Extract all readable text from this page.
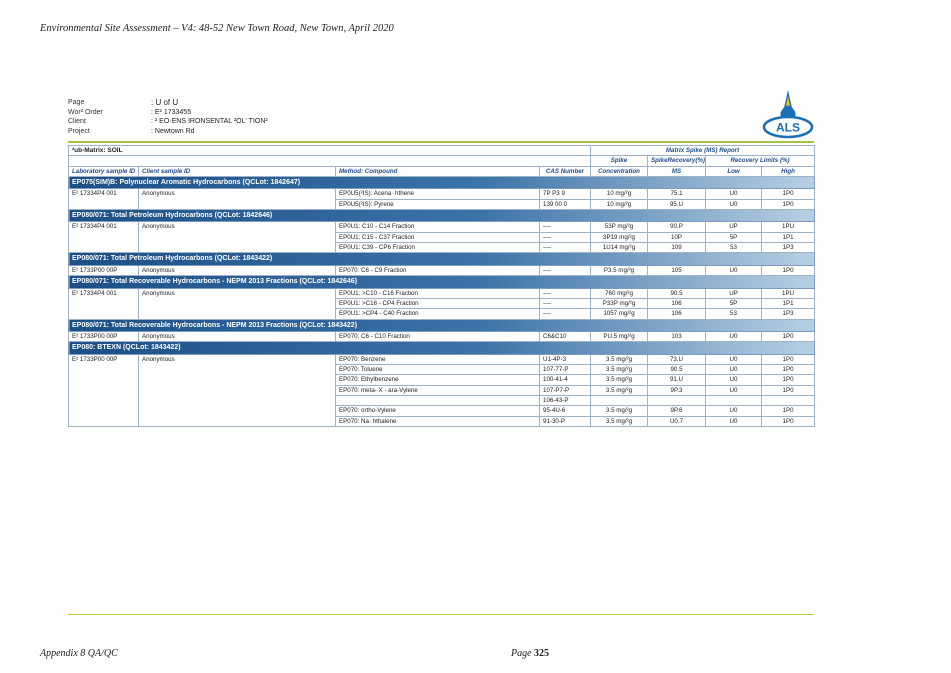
Environmental Site Assessment – V4: 48-52 New Town Road, New Town, April 2020
Page	: U of U
Wor² Order	: E² 1733455
Client	: ² EO·ENS IRONSENTAL ²OL' TION²
Project	: Newtown Rd	ALS
²ub-Matrix: SOIL				Matrix Spike (MS) Report			
				Spike	SpikeRecovery(%)	Recovery Limits (%)	
Laboratory sample ID	Client sample ID	Method: Compound	CAS Number	Concentration	MS	Low	High
EP075(SIM)B: Polynuclear Aromatic Hydrocarbons (QCLot: 1842647)							
E² 17334P4 001	Anonymous	EP0U5(²IS): Acena· hthene	7P P3 9	10 mg/²g	75.1	U0	1P0
		EP0U5(²IS): Pyrene	139 00 0	10 mg/²g	95.U	U0	1P0
EP080/071: Total Petroleum Hydrocarbons (QCLot: 1842646)							
E² 17334P4 001	Anonymous	EP0U1: C10 - C14 Fraction	----	53P mg/²g	90.P	UP	1PU
		EP0U1: C15 - C37 Fraction	----	3P19 mg/²g	10P	5P	1P1
		EP0U1: C39 - CP6 Fraction	----	1U14 mg/²g	109	53	1P3
EP080/071: Total Petroleum Hydrocarbons (QCLot: 1843422)							
E² 1733P00 00P	Anonymous	EP070: C6 - C9 Fraction	----	P3.5 mg/²g	105	U0	1P0
EP080/071: Total Recoverable Hydrocarbons - NEPM 2013 Fractions (QCLot: 1842646)							
E² 17334P4 001	Anonymous	EP0U1: >C10 - C16 Fraction	----	760 mg/²g	90.5	UP	1PU
		EP0U1: >C16 - CP4 Fraction	----	P33P mg/²g	106	5P	1P1
		EP0U1: >CP4 - C40 Fraction	----	1057 mg/²g	106	53	1P3
EP080/071: Total Recoverable Hydrocarbons - NEPM 2013 Fractions (QCLot: 1843422)							
E² 1733P00 00P	Anonymous	EP070: C6 - C10 Fraction	C6&C10	PU.5 mg/²g	103	U0	1P0
EP080: BTEXN (QCLot: 1843422)							
E² 1733P00 00P	Anonymous	EP070: Benzene	U1-4P-3	3.5 mg/²g	73.U	U0	1P0
		EP070: Toluene	107-77-P	3.5 mg/²g	90.5	U0	1P0
		EP070: Ethylbenzene	100-41-4	3.5 mg/²g	91.U	U0	1P0
		EP070: meta- X - ara-Vylene	107-P7-P	3.5 mg/²g	9P.3	U0	1P0
			106-43-P				
		EP070: ortho-Vylene	95-4U-6	3.5 mg/²g	9P.6	U0	1P0
		EP070: Na· hthalene	91-30-P	3.5 mg/²g	U0.7	U0	1P0
Appendix 8 QA/QC	Page 325
